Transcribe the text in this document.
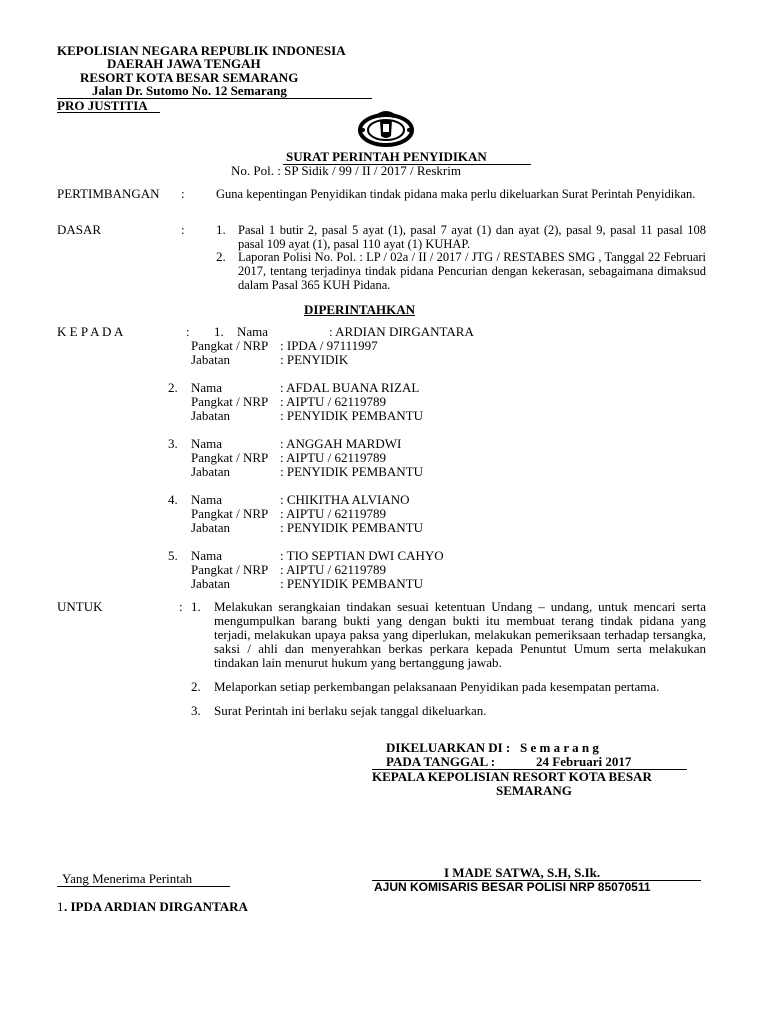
KEPOLISIAN NEGARA REPUBLIK INDONESIA
DAERAH JAWA TENGAH
RESORT KOTA BESAR SEMARANG
Jalan Dr. Sutomo No. 12 Semarang
PRO JUSTITIA
SURAT PERINTAH PENYIDIKAN
No. Pol. : SP Sidik / 99 / II / 2017 / Reskrim
PERTIMBANGAN :	Guna kepentingan Penyidikan tindak pidana maka perlu dikeluarkan Surat Perintah Penyidikan.
DASAR	: 1. Pasal 1 butir 2, pasal 5 ayat (1), pasal 7 ayat (1) dan ayat (2), pasal 9, pasal 11 pasal 108 pasal 109 ayat (1), pasal 110 ayat (1) KUHAP.
2. Laporan Polisi No. Pol. : LP / 02a / II / 2017 / JTG / RESTABES SMG , Tanggal 22 Februari 2017, tentang terjadinya tindak pidana Pencurian dengan kekerasan, sebagaimana dimaksud dalam Pasal 365 KUH Pidana.
DIPERINTAHKAN
K E P A D A	: 1. Nama	: ARDIAN DIRGANTARA
Pangkat / NRP : IPDA / 97111997
Jabatan	: PENYIDIK
2. Nama	: AFDAL BUANA RIZAL
Pangkat / NRP : AIPTU / 62119789
Jabatan	: PENYIDIK PEMBANTU
3. Nama	: ANGGAH MARDWI
Pangkat / NRP : AIPTU / 62119789
Jabatan	: PENYIDIK PEMBANTU
4. Nama	: CHIKITHA ALVIANO
Pangkat / NRP : AIPTU / 62119789
Jabatan	: PENYIDIK PEMBANTU
5. Nama	: TIO SEPTIAN DWI CAHYO
Pangkat / NRP : AIPTU / 62119789
Jabatan	: PENYIDIK PEMBANTU
UNTUK	: 1. Melakukan serangkaian tindakan sesuai ketentuan Undang – undang, untuk mencari serta mengumpulkan barang bukti yang dengan bukti itu membuat terang tindak pidana yang terjadi, melakukan upaya paksa yang diperlukan, melakukan pemeriksaan terhadap tersangka, saksi / ahli dan menyerahkan berkas perkara kepada Penuntut Umum serta melakukan tindakan lain menurut hukum yang bertanggung jawab.
2. Melaporkan setiap perkembangan pelaksanaan Penyidikan pada kesempatan pertama.
3. Surat Perintah ini berlaku sejak tanggal dikeluarkan.
DIKELUARKAN DI : S e m a r a n g
PADA TANGGAL :	24 Februari 2017
KEPALA KEPOLISIAN RESORT KOTA BESAR
SEMARANG
Yang Menerima Perintah	I MADE SATWA, S.H, S.Ik.
AJUN KOMISARIS BESAR POLISI NRP 85070511
1 . IPDA ARDIAN DIRGANTARA
